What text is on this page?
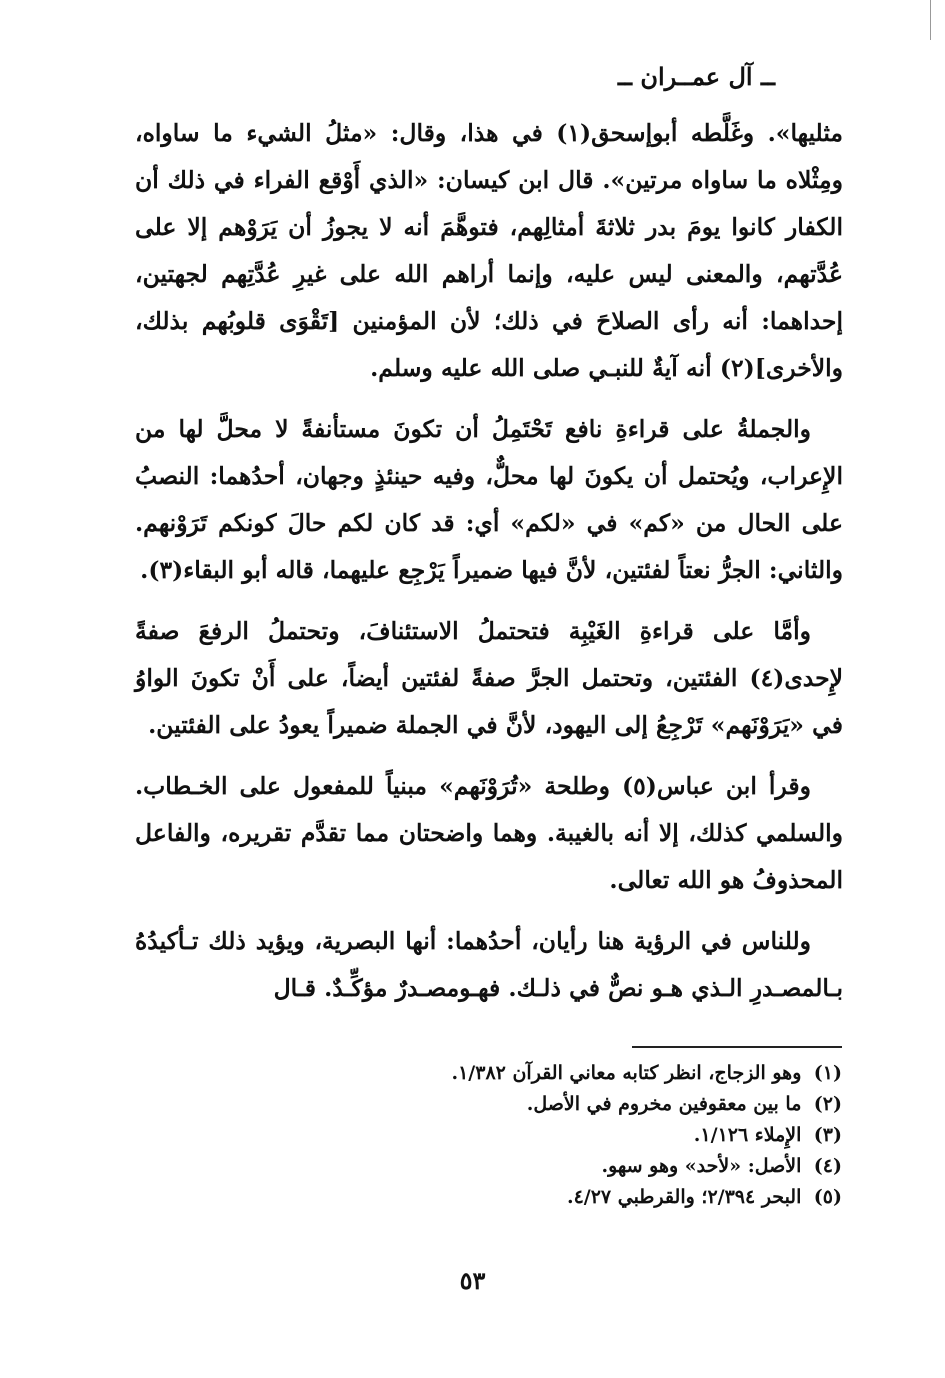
ــ آل عمــران ــ

مثليها». وغَلَّطه أبوإسحق(١) في هذا، وقال: «مثلُ الشيء ما ساواه، ومِثْلاه ما ساواه مرتين». قال ابن كيسان: «الذي أَوْقع الفراء في ذلك أن الكفار كانوا يومَ بدر ثلاثةَ أمثالِهم، فتوهَّمَ أنه لا يجوزُ أن يَرَوْهم إلا على عُدَّتهم، والمعنى ليس عليه، وإنما أراهم الله على غيرِ عُدَّتِهم لجهتين، إحداهما: أنه رأى الصلاحَ في ذلك؛ لأن المؤمنين [تَقْوَى قلوبُهم بذلك، والأخرى](٢) أنه آيةٌ للنبـي صلى الله عليه وسلم.

والجملةُ على قراءةِ نافع تَحْتَمِلُ أن تكونَ مستأنفةً لا محلَّ لها من الإِعراب، ويُحتمل أن يكونَ لها محلٌّ، وفيه حينئذٍ وجهان، أحدُهما: النصبُ على الحال من «كم» في «لكم» أي: قد كان لكم حالَ كونكم تَرَوْنهم. والثاني: الجرُّ نعتاً لفئتين، لأنَّ فيها ضميراً يَرْجِع عليهما، قاله أبو البقاء(٣).

وأمَّا على قراءةِ الغَيْبِة فتحتملُ الاستئنافَ، وتحتملُ الرفعَ صفةً لإِحدى(٤) الفئتين، وتحتمل الجرَّ صفةً لفئتين أيضاً، على أَنْ تكونَ الواوُ في «يَرَوْنَهم» تَرْجِعُ إلى اليهود، لأنَّ في الجملة ضميراً يعودُ على الفئتين.

وقرأ ابن عباس(٥) وطلحة «تُرَوْنَهم» مبنياً للمفعول على الخـطاب. والسلمي كذلك، إلا أنه بالغيبة. وهما واضحتان مما تقدَّم تقريره، والفاعل المحذوفُ هو الله تعالى.

وللناس في الرؤية هنا رأيان، أحدُهما: أنها البصرية، ويؤيد ذلك تـأكيدُهُ بـالمصـدرِ الـذي هـو نصٌّ في ذلـك. فهـومصـدرٌ مؤكِّـدٌ. قـال

(١) وهو الزجاج، انظر كتابه معاني القرآن ١/٣٨٢.
(٢) ما بين معقوفين مخروم في الأصل.
(٣) الإِملاء ١/١٢٦.
(٤) الأصل: «لأحد» وهو سهو.
(٥) البحر ٢/٣٩٤؛ والقرطبي ٤/٢٧.
٥٣
